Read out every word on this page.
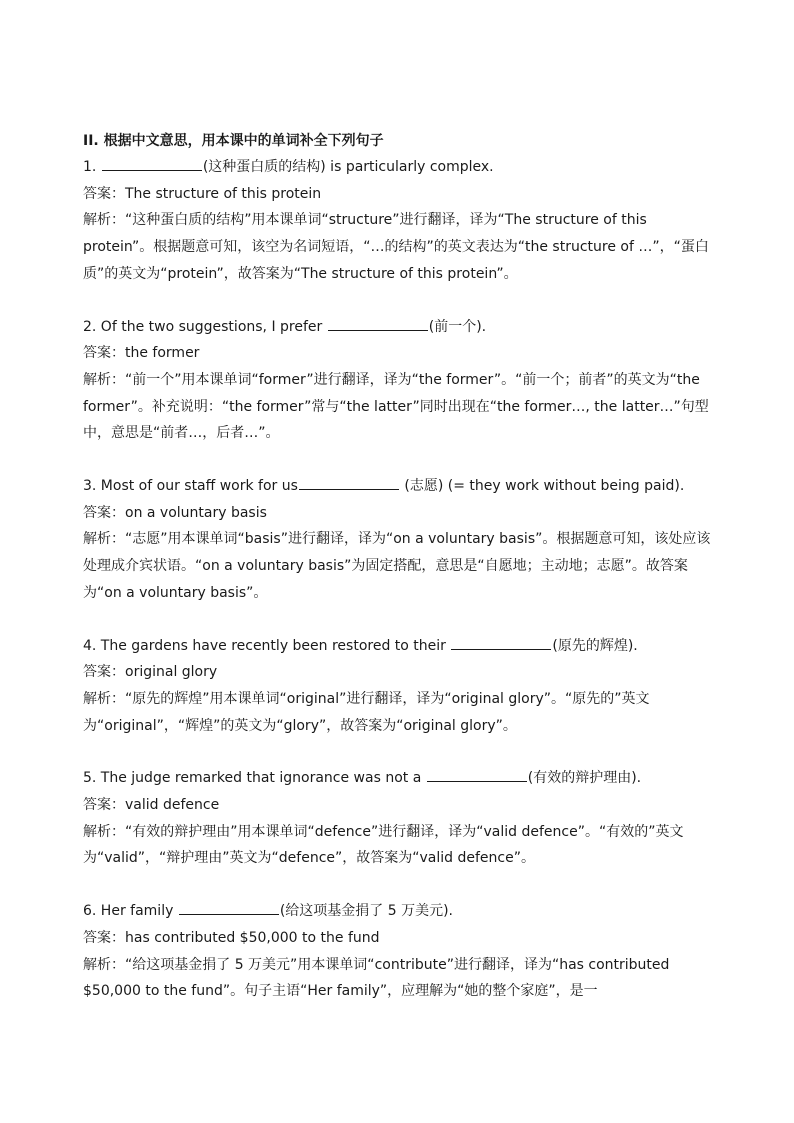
II. 根据中文意思，用本课中的单词补全下列句子

1.	(这种蛋白质的结构) is particularly complex.

答案：The structure of this protein

解析：“这种蛋白质的结构”用本课单词“structure”进行翻译，译为“The structure of this protein”。根据题意可知，该空为名词短语，“…的结构”的英文表达为“the structure of …”，“蛋白质”的英文为“protein”，故答案为“The structure of this protein”。

2. Of the two suggestions, I prefer	(前一个).

答案：the former

解析：“前一个”用本课单词“former”进行翻译，译为“the former”。“前一个；前者”的英文为“the former”。补充说明：“the former”常与“the latter”同时出现在“the former…, the latter…”句型中，意思是“前者…，后者…”。

3. Most of our staff work for us	(志愿) (= they work without being paid).

答案：on a voluntary basis

解析：“志愿”用本课单词“basis”进行翻译，译为“on a voluntary basis”。根据题意可知，该处应该处理成介宾状语。“on a voluntary basis”为固定搭配，意思是“自愿地；主动地；志愿”。故答案为“on a voluntary basis”。

4. The gardens have recently been restored to their	(原先的辉煌).

答案：original glory

解析：“原先的辉煌”用本课单词“original”进行翻译，译为“original glory”。“原先的”英文为“original”，“辉煌”的英文为“glory”，故答案为“original glory”。

5. The judge remarked that ignorance was not a	(有效的辩护理由).

答案：valid defence

解析：“有效的辩护理由”用本课单词“defence”进行翻译，译为“valid defence”。“有效的”英文为“valid”，“辩护理由”英文为“defence”，故答案为“valid defence”。

6. Her family	(给这项基金捐了 5 万美元).

答案：has contributed $50,000 to the fund

解析：“给这项基金捐了 5 万美元”用本课单词“contribute”进行翻译，译为“has contributed $50,000 to the fund”。句子主语“Her family”，应理解为“她的整个家庭”，是一
